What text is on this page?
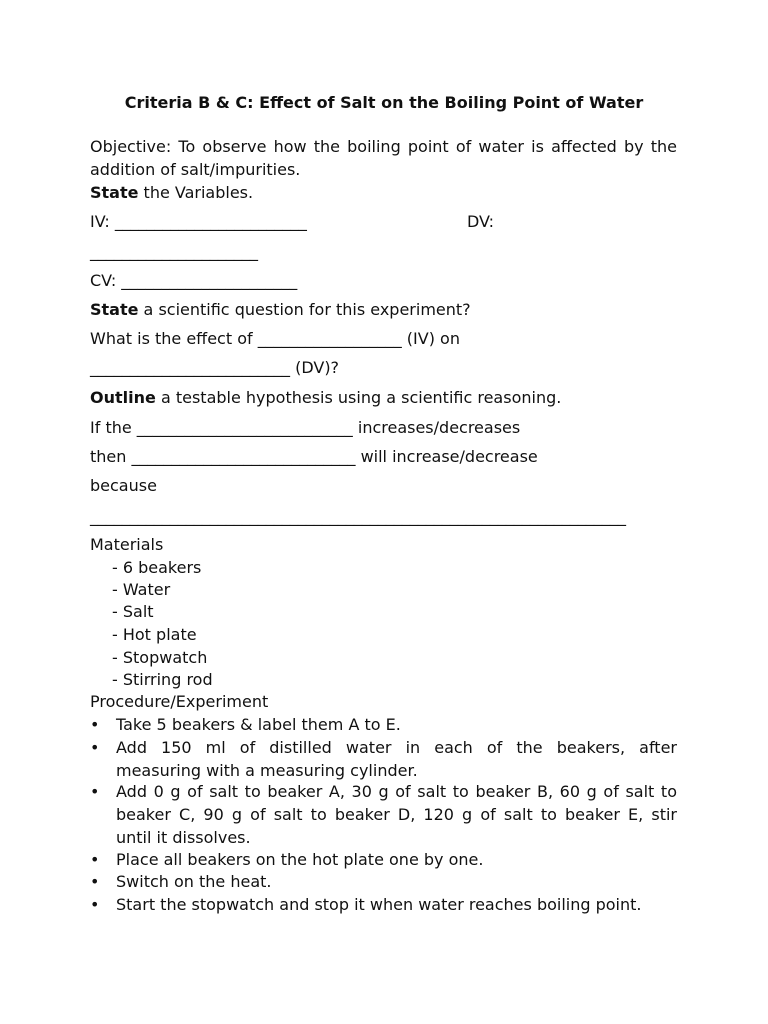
Criteria B & C: Effect of Salt on the Boiling Point of Water
Objective: To observe how the boiling point of water is affected by the
addition of salt/impurities.
State the Variables.
IV: ________________________	DV:
_____________________
CV: ______________________
State a scientific question for this experiment?
What is the effect of __________________ (IV) on
_________________________ (DV)?
Outline a testable hypothesis using a scientific reasoning.
If the ___________________________ increases/decreases
then ____________________________ will increase/decrease
because
___________________________________________________________________
Materials
- 6 beakers
- Water
- Salt
- Hot plate
- Stopwatch
- Stirring rod
Procedure/Experiment
•	Take 5 beakers & label them A to E.
•	Add 150 ml of distilled water in each of the beakers, after
measuring with a measuring cylinder.
•	Add 0 g of salt to beaker A, 30 g of salt to beaker B, 60 g of salt to
beaker C, 90 g of salt to beaker D, 120 g of salt to beaker E, stir
until it dissolves.
•	Place all beakers on the hot plate one by one.
•	Switch on the heat.
•	Start the stopwatch and stop it when water reaches boiling point.
